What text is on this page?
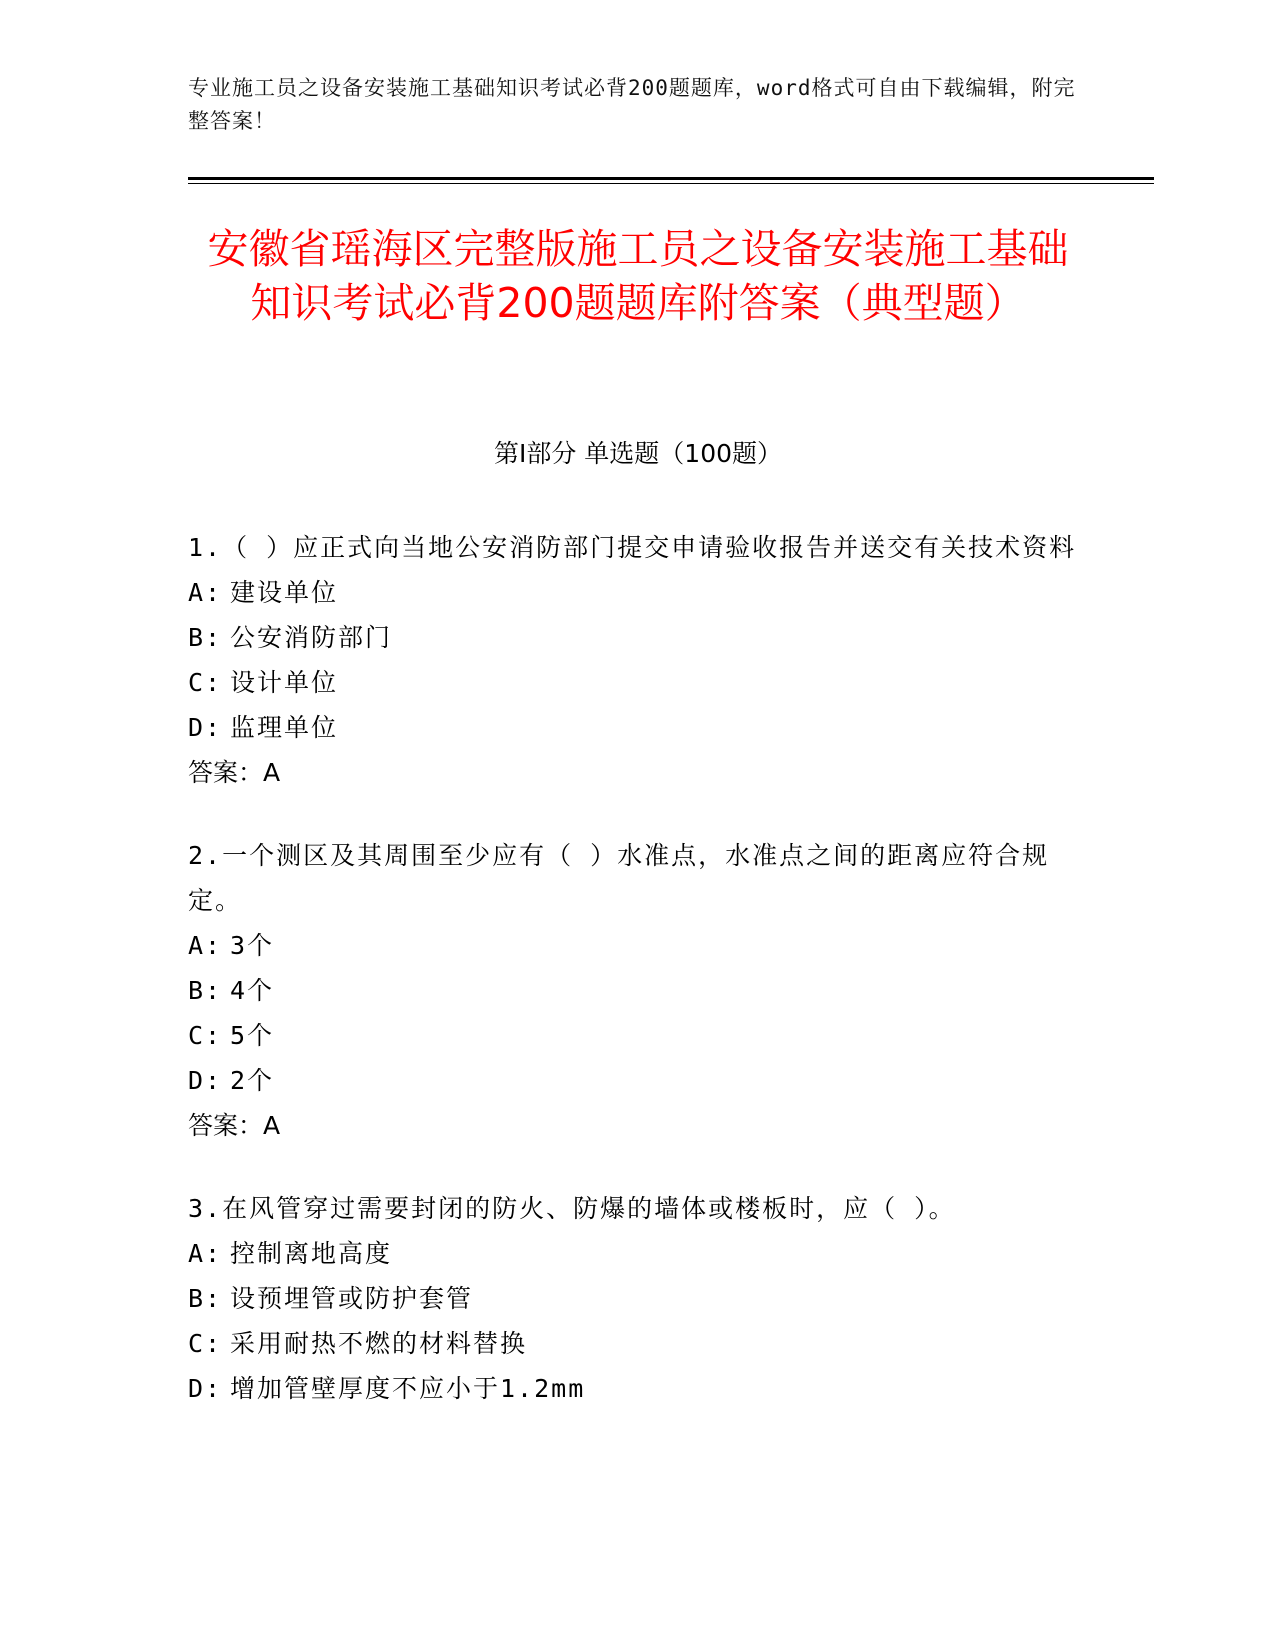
专业施工员之设备安装施工基础知识考试必背200题题库，word格式可自由下载编辑，附完整答案！
安徽省瑶海区完整版施工员之设备安装施工基础知识考试必背200题题库附答案（典型题）
第Ⅰ部分 单选题（100题）

1.（ ）应正式向当地公安消防部门提交申请验收报告并送交有关技术资料

A: 建设单位

B: 公安消防部门

C: 设计单位

D: 监理单位

答案：A

2.一个测区及其周围至少应有（ ）水准点，水准点之间的距离应符合规定。

A: 3个

B: 4个

C: 5个

D: 2个

答案：A

3.在风管穿过需要封闭的防火、防爆的墙体或楼板时，应（ ）。

A: 控制离地高度

B: 设预埋管或防护套管

C: 采用耐热不燃的材料替换

D: 增加管壁厚度不应小于1.2mm
